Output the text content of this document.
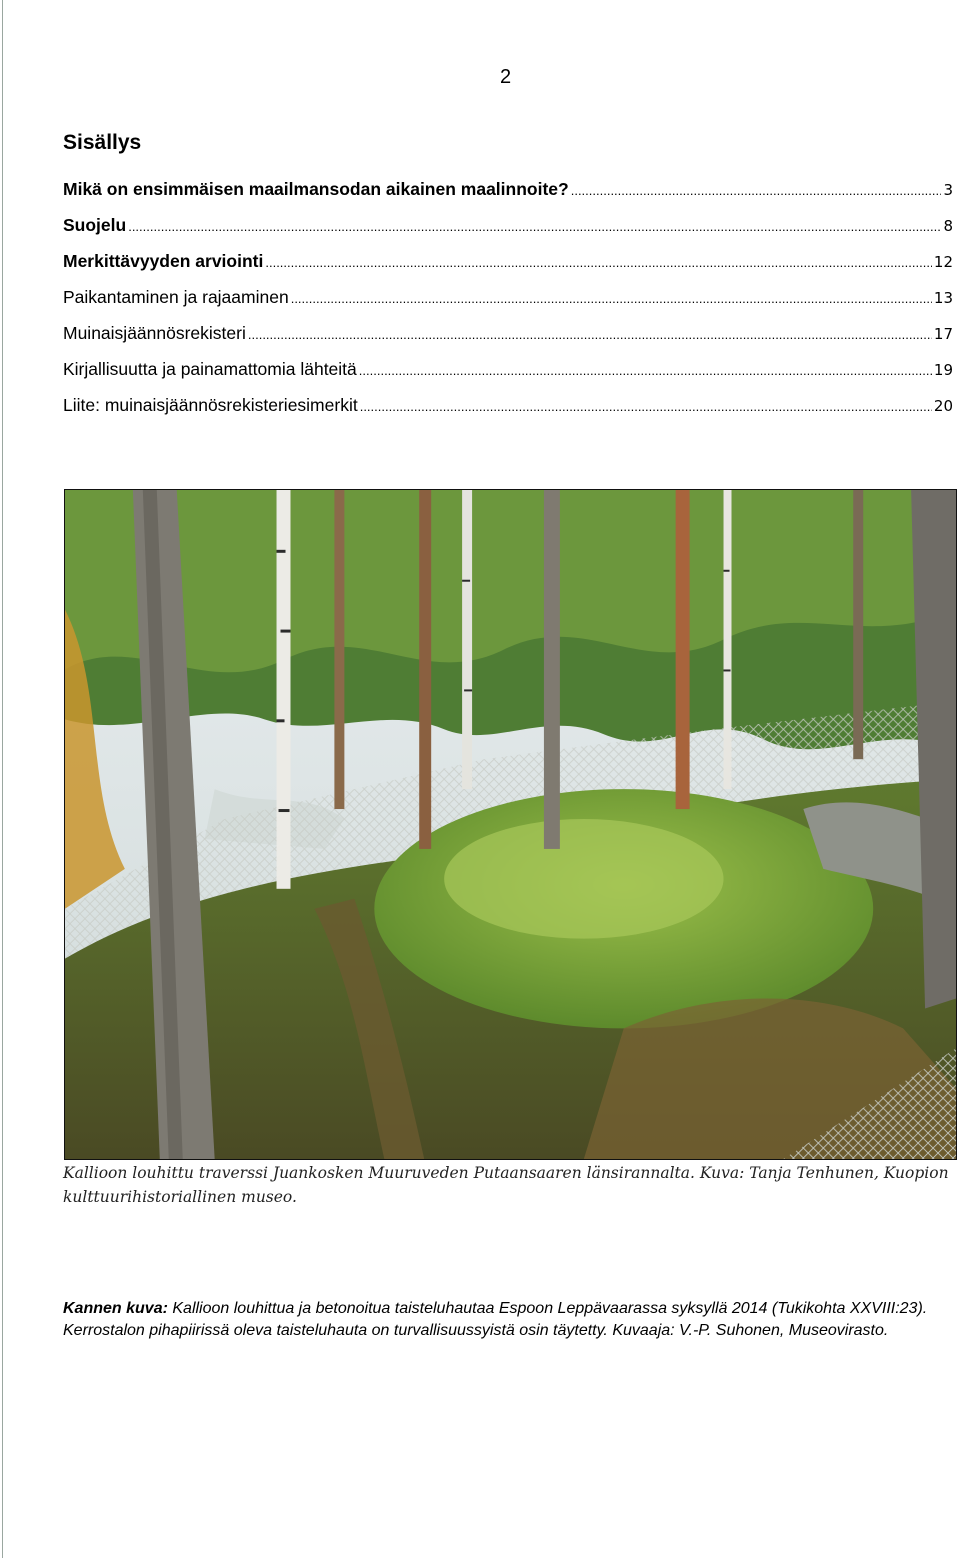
2
Sisällys
Mikä on ensimmäisen maailmansodan aikainen maalinnoite? .....	3
Suojelu .....	8
Merkittävyyden arviointi .....	12
Paikantaminen ja rajaaminen .....	13
Muinaisjäännösrekisteri .....	17
Kirjallisuutta ja painamattomia lähteitä .....	19
Liite: muinaisjäännösrekisteriesimerkit .....	20

Kallioon louhittu traverssi Juankosken Muuruveden Putaansaaren länsirannalta. Kuva: Tanja Tenhunen, Kuopion kulttuurihistoriallinen museo.

Kannen kuva: Kallioon louhittua ja betonoitua taisteluhautaa Espoon Leppävaarassa syksyllä 2014 (Tukikohta XXVIII:23). Kerrostalon pihapiirissä oleva taisteluhauta on turvallisuussyistä osin täytetty. Kuvaaja: V.-P. Suhonen, Museovirasto.
